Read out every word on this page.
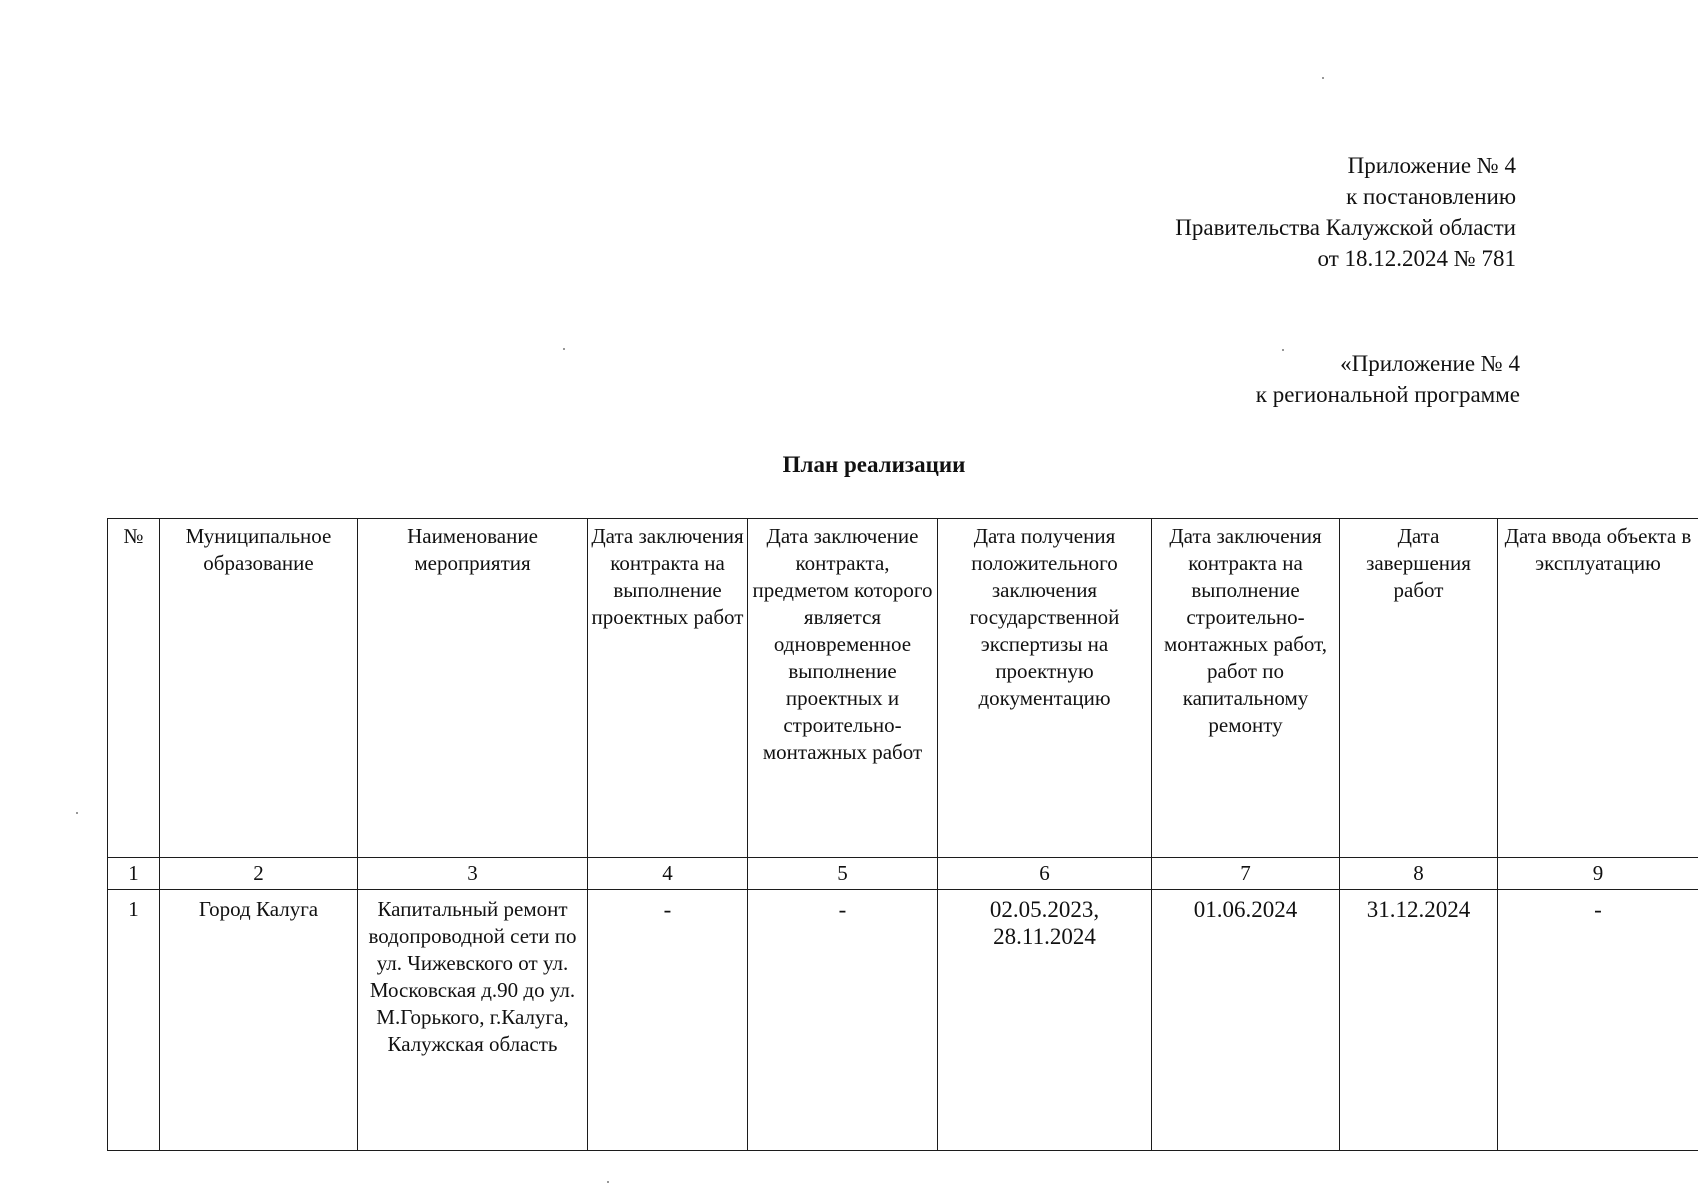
Приложение № 4
к постановлению
Правительства Калужской области
от 18.12.2024 № 781
«Приложение № 4
к региональной программе
План реализации
№	Муниципальное образование	Наименование мероприятия	Дата заключения контракта на выполнение проектных работ	Дата заключение контракта, предметом которого является одновременное выполнение проектных и строительно-монтажных работ	Дата получения положительного заключения государственной экспертизы на проектную документацию	Дата заключения контракта на выполнение строительно-монтажных работ, работ по капитальному ремонту	Дата завершения работ	Дата ввода объекта в эксплуатацию
1	2	3	4	5	6	7	8	9
1	Город Калуга	Капитальный ремонт водопроводной сети по ул. Чижевского от ул. Московская д.90 до ул. М.Горького, г.Калуга, Калужская область	-	-	02.05.2023, 28.11.2024	01.06.2024	31.12.2024	-
